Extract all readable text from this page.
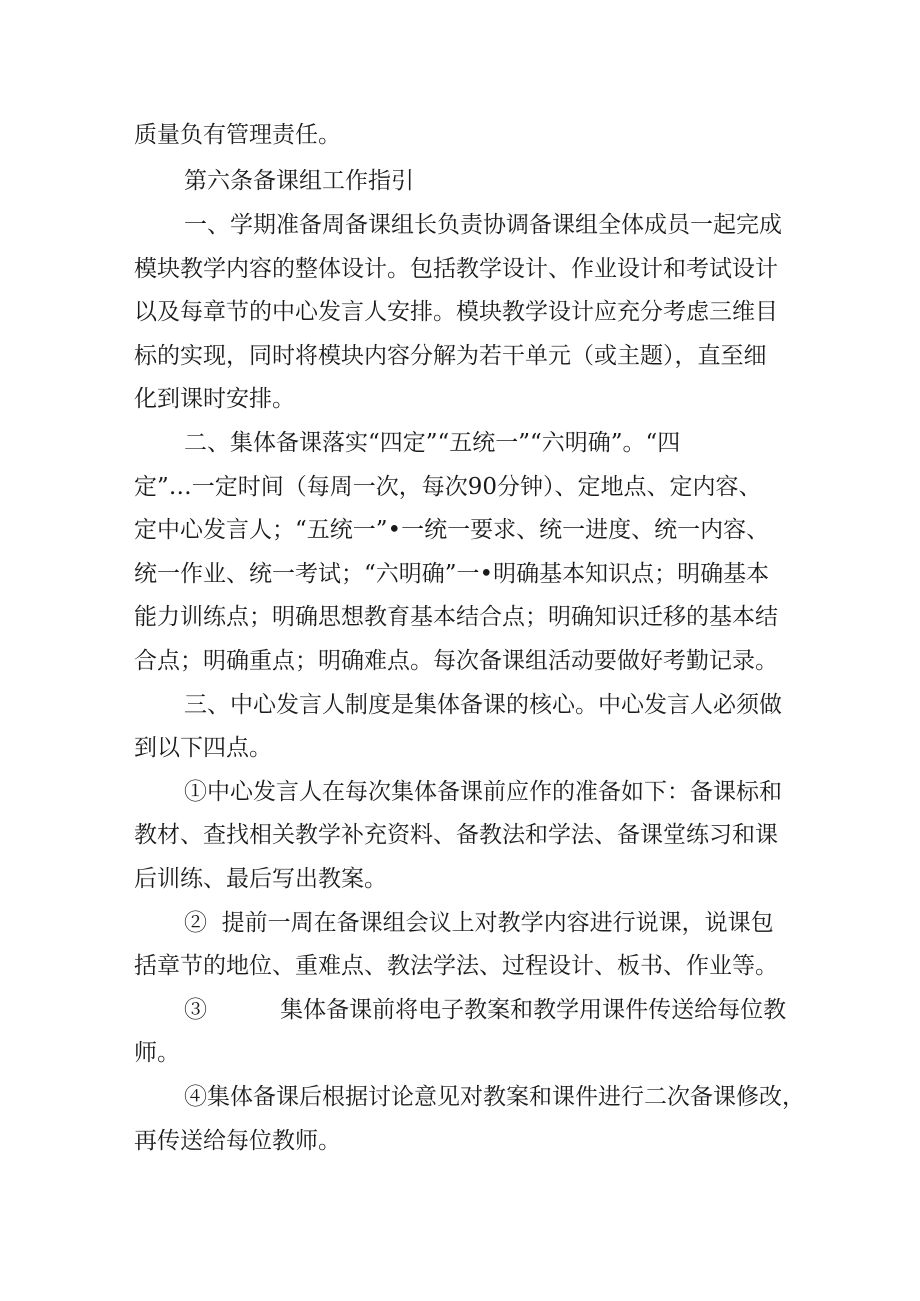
质量负有管理责任。
第六条备课组工作指引
一、学期准备周备课组长负责协调备课组全体成员一起完成
模块教学内容的整体设计。包括教学设计、作业设计和考试设计
以及每章节的中心发言人安排。模块教学设计应充分考虑三维目
标的实现，同时将模块内容分解为若干单元（或主题），直至细
化到课时安排。
二、集体备课落实“四定”“五统一”“六明确”。“四
定”…一定时间（每周一次，每次90分钟）、定地点、定内容、
定中心发言人；“五统一”•一统一要求、统一进度、统一内容、
统一作业、统一考试；“六明确”一•明确基本知识点；明确基本
能力训练点；明确思想教育基本结合点；明确知识迁移的基本结
合点；明确重点；明确难点。每次备课组活动要做好考勤记录。
三、中心发言人制度是集体备课的核心。中心发言人必须做
到以下四点。
①中心发言人在每次集体备课前应作的准备如下：备课标和
教材、查找相关教学补充资料、备教法和学法、备课堂练习和课
后训练、最后写出教案。
②  提前一周在备课组会议上对教学内容进行说课，说课包
括章节的地位、重难点、教法学法、过程设计、板书、作业等。
③          集体备课前将电子教案和教学用课件传送给每位教
师。
④集体备课后根据讨论意见对教案和课件进行二次备课修改，
再传送给每位教师。
